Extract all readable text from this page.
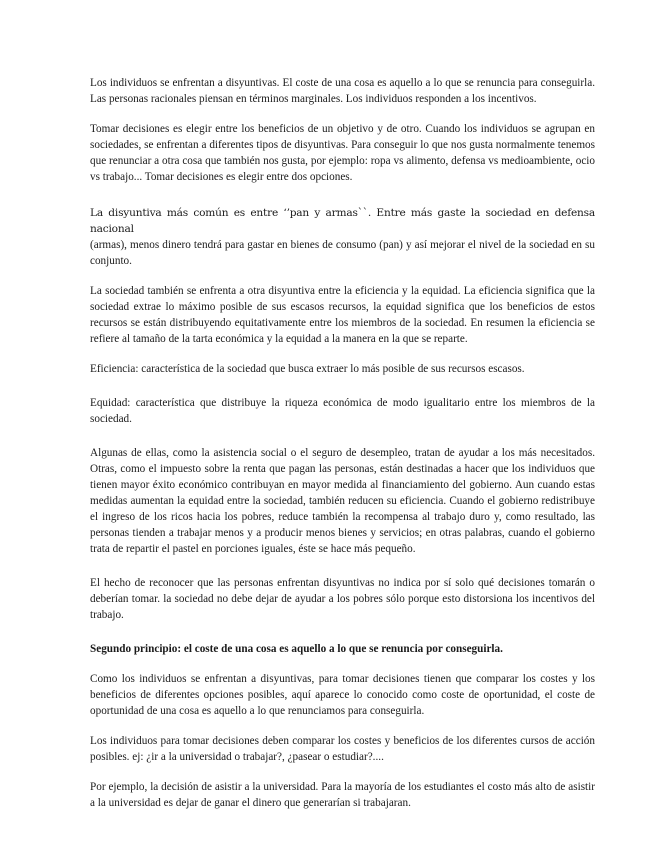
Los individuos se enfrentan a disyuntivas. El coste de una cosa es aquello a lo que se renuncia para conseguirla. Las personas racionales piensan en términos marginales. Los individuos responden a los incentivos.

Tomar decisiones es elegir entre los beneficios de un objetivo y de otro. Cuando los individuos se agrupan en sociedades, se enfrentan a diferentes tipos de disyuntivas. Para conseguir lo que nos gusta normalmente tenemos que renunciar a otra cosa que también nos gusta, por ejemplo: ropa vs alimento, defensa vs medioambiente, ocio vs trabajo... Tomar decisiones es elegir entre dos opciones.

La disyuntiva más común es entre ‘’pan y armas``. Entre más gaste la sociedad en defensa nacional
(armas), menos dinero tendrá para gastar en bienes de consumo (pan) y así mejorar el nivel de la sociedad en su conjunto.

La sociedad también se enfrenta a otra disyuntiva entre la eficiencia y la equidad. La eficiencia significa que la sociedad extrae lo máximo posible de sus escasos recursos, la equidad significa que los beneficios de estos recursos se están distribuyendo equitativamente entre los miembros de la sociedad. En resumen la eficiencia se refiere al tamaño de la tarta económica y la equidad a la manera en la que se reparte.

Eficiencia: característica de la sociedad que busca extraer lo más posible de sus recursos escasos.

Equidad: característica que distribuye la riqueza económica de modo igualitario entre los miembros de la sociedad.

Algunas de ellas, como la asistencia social o el seguro de desempleo, tratan de ayudar a los más necesitados. Otras, como el impuesto sobre la renta que pagan las personas, están destinadas a hacer que los individuos que tienen mayor éxito económico contribuyan en mayor medida al financiamiento del gobierno. Aun cuando estas medidas aumentan la equidad entre la sociedad, también reducen su eficiencia. Cuando el gobierno redistribuye el ingreso de los ricos hacia los pobres, reduce también la recompensa al trabajo duro y, como resultado, las personas tienden a trabajar menos y a producir menos bienes y servicios; en otras palabras, cuando el gobierno trata de repartir el pastel en porciones iguales, éste se hace más pequeño.

El hecho de reconocer que las personas enfrentan disyuntivas no indica por sí solo qué decisiones tomarán o deberían tomar. la sociedad no debe dejar de ayudar a los pobres sólo porque esto distorsiona los incentivos del trabajo.

Segundo principio: el coste de una cosa es aquello a lo que se renuncia por conseguirla.

Como los individuos se enfrentan a disyuntivas, para tomar decisiones tienen que comparar los costes y los beneficios de diferentes opciones posibles, aquí aparece lo conocido como coste de oportunidad, el coste de oportunidad de una cosa es aquello a lo que renunciamos para conseguirla.

Los individuos para tomar decisiones deben comparar los costes y beneficios de los diferentes cursos de acción posibles. ej: ¿ir a la universidad o trabajar?, ¿pasear o estudiar?....

Por ejemplo, la decisión de asistir a la universidad. Para la mayoría de los estudiantes el costo más alto de asistir a la universidad es dejar de ganar el dinero que generarían si trabajaran.
